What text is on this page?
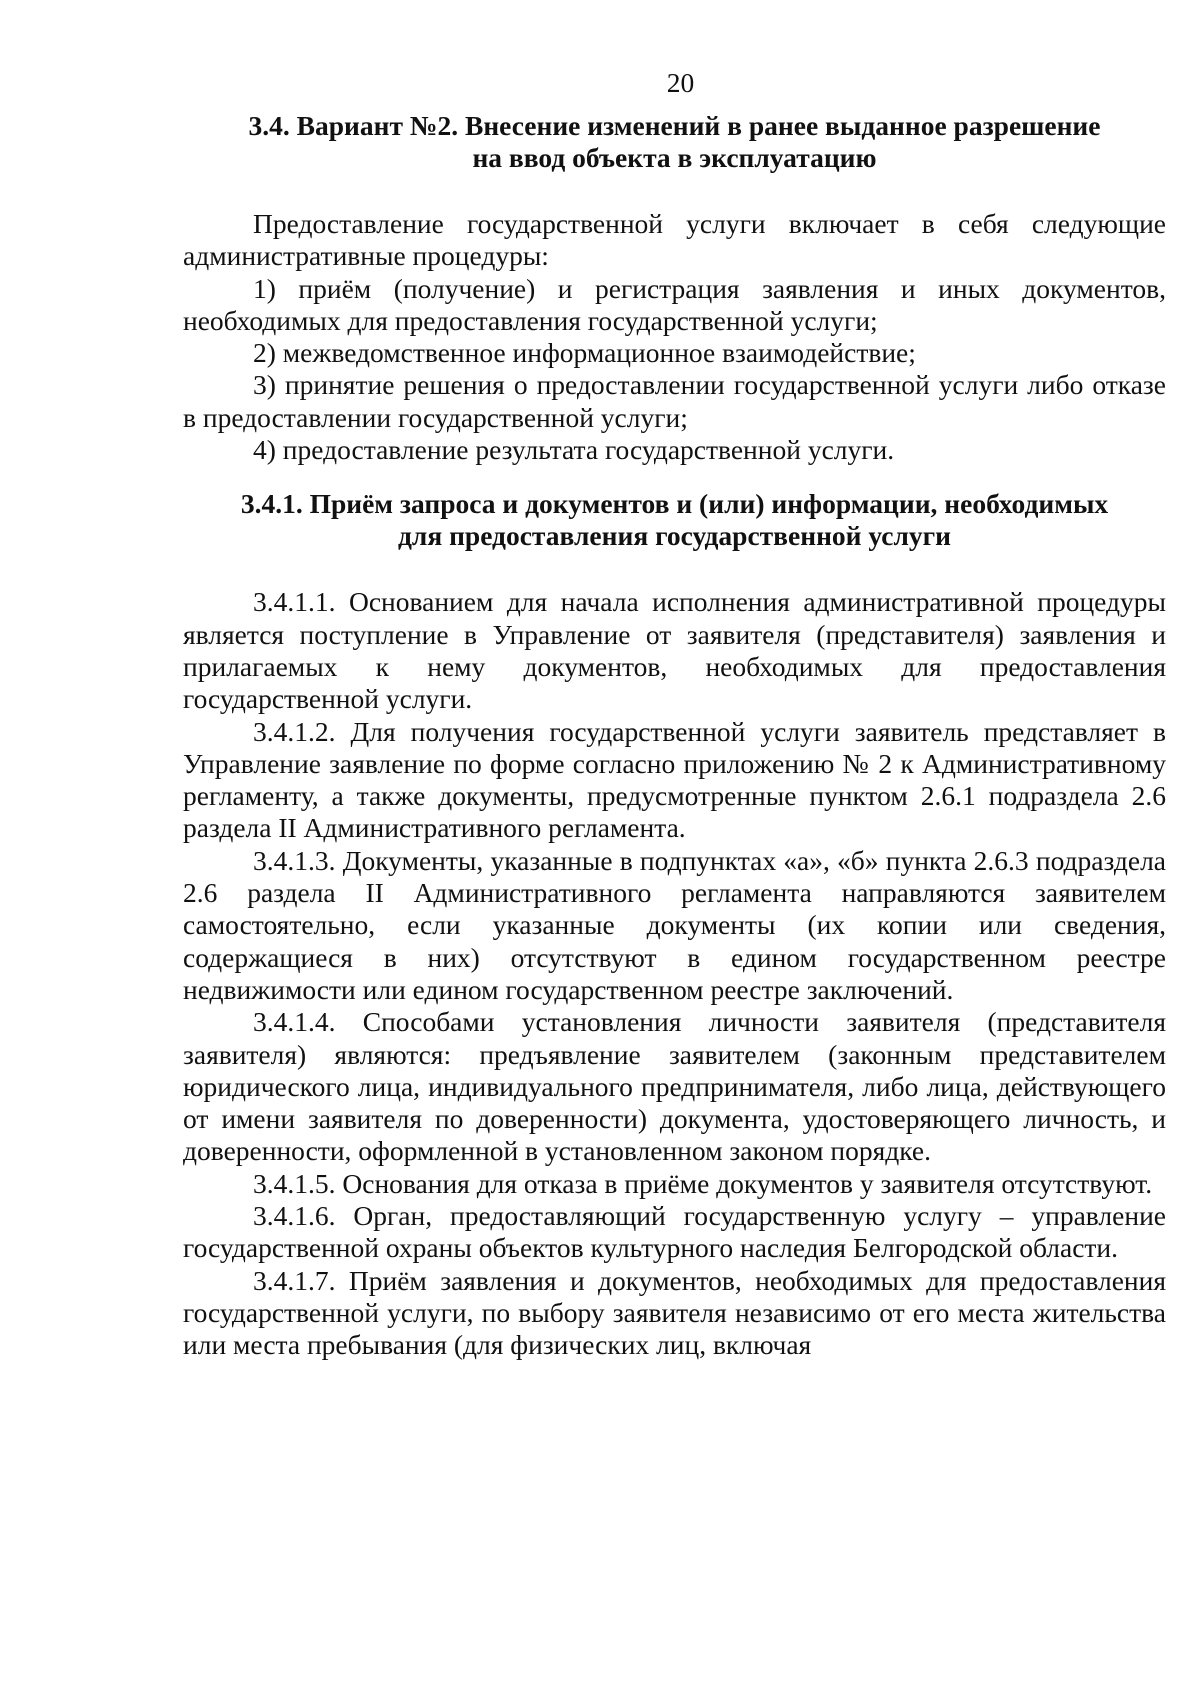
20
3.4. Вариант №2. Внесение изменений в ранее выданное разрешение
на ввод объекта в эксплуатацию

Предоставление государственной услуги включает в себя следующие административные процедуры:

1) приём (получение) и регистрация заявления и иных документов, необходимых для предоставления государственной услуги;

2) межведомственное информационное взаимодействие;

3) принятие решения о предоставлении государственной услуги либо отказе в предоставлении государственной услуги;

4) предоставление результата государственной услуги.

3.4.1. Приём запроса и документов и (или) информации, необходимых
для предоставления государственной услуги

3.4.1.1. Основанием для начала исполнения административной процедуры является поступление в Управление от заявителя (представителя) заявления и прилагаемых к нему документов, необходимых для предоставления государственной услуги.

3.4.1.2. Для получения государственной услуги заявитель представляет в Управление заявление по форме согласно приложению № 2 к Административному регламенту, а также документы, предусмотренные пунктом 2.6.1 подраздела 2.6 раздела II Административного регламента.

3.4.1.3. Документы, указанные в подпунктах «а», «б» пункта 2.6.3 подраздела 2.6 раздела II Административного регламента направляются заявителем самостоятельно, если указанные документы (их копии или сведения, содержащиеся в них) отсутствуют в едином государственном реестре недвижимости или едином государственном реестре заключений.

3.4.1.4. Способами установления личности заявителя (представителя заявителя) являются: предъявление заявителем (законным представителем юридического лица, индивидуального предпринимателя, либо лица, действующего от имени заявителя по доверенности) документа, удостоверяющего личность, и доверенности, оформленной в установленном законом порядке.

3.4.1.5. Основания для отказа в приёме документов у заявителя отсутствуют.

3.4.1.6. Орган, предоставляющий государственную услугу – управление государственной охраны объектов культурного наследия Белгородской области.

3.4.1.7. Приём заявления и документов, необходимых для предоставления государственной услуги, по выбору заявителя независимо от его места жительства или места пребывания (для физических лиц, включая
